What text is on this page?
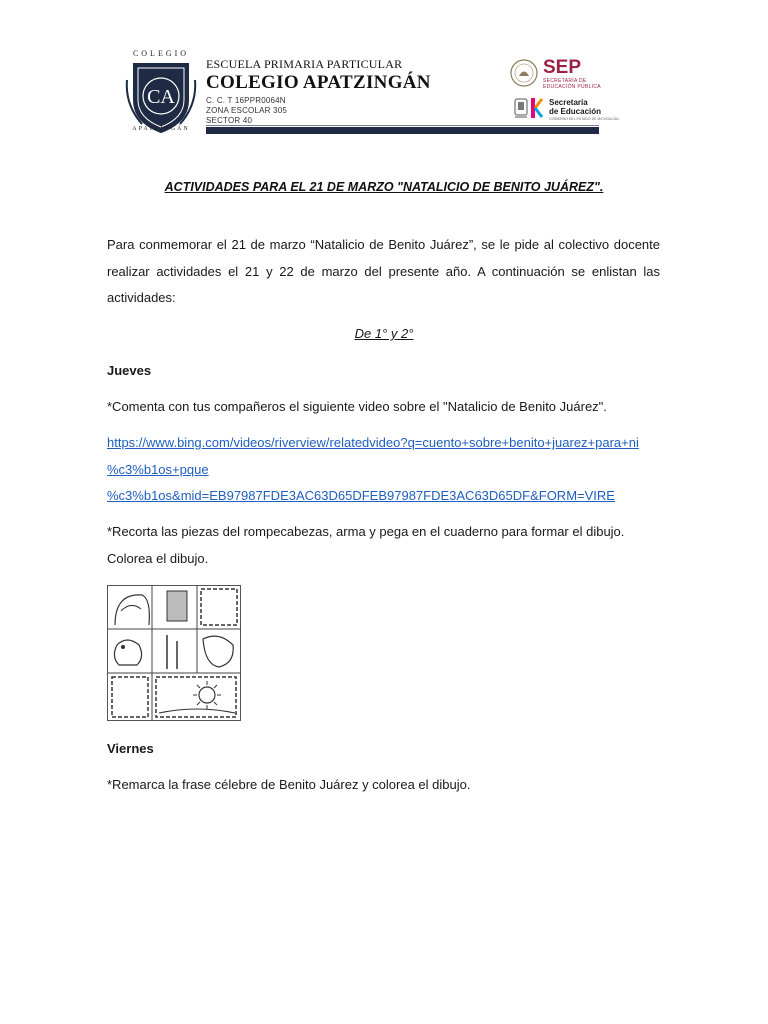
CA
COLEGIO
APATZINGÁN
ESCUELA PRIMARIA PARTICULAR
COLEGIO APATZINGÁN
C. C. T 16PPR0064N
ZONA ESCOLAR 305
SECTOR 40
SEP
SECRETARÍA DE
EDUCACIÓN PÚBLICA
Secretaría
de Educación
GOBIERNO DEL ESTADO DE MICHOACÁN
ACTIVIDADES PARA EL 21 DE MARZO "NATALICIO DE BENITO JUÁREZ".
Para conmemorar el 21 de marzo “Natalicio de Benito Juárez”, se le pide al colectivo docente realizar actividades el 21 y 22 de marzo del presente año. A continuación se enlistan las actividades:
De 1° y 2°
Jueves
*Comenta con tus compañeros el siguiente video sobre el "Natalicio de Benito Juárez".
https://www.bing.com/videos/riverview/relatedvideo?q=cuento+sobre+benito+juarez+para+ni
%c3%b1os+pque
%c3%b1os&mid=EB97987FDE3AC63D65DFEB97987FDE3AC63D65DF&FORM=VIRE
*Recorta las piezas del rompecabezas, arma y pega en el cuaderno para formar el dibujo. Colorea el dibujo.
Viernes
*Remarca la frase célebre de Benito Juárez y colorea el dibujo.
